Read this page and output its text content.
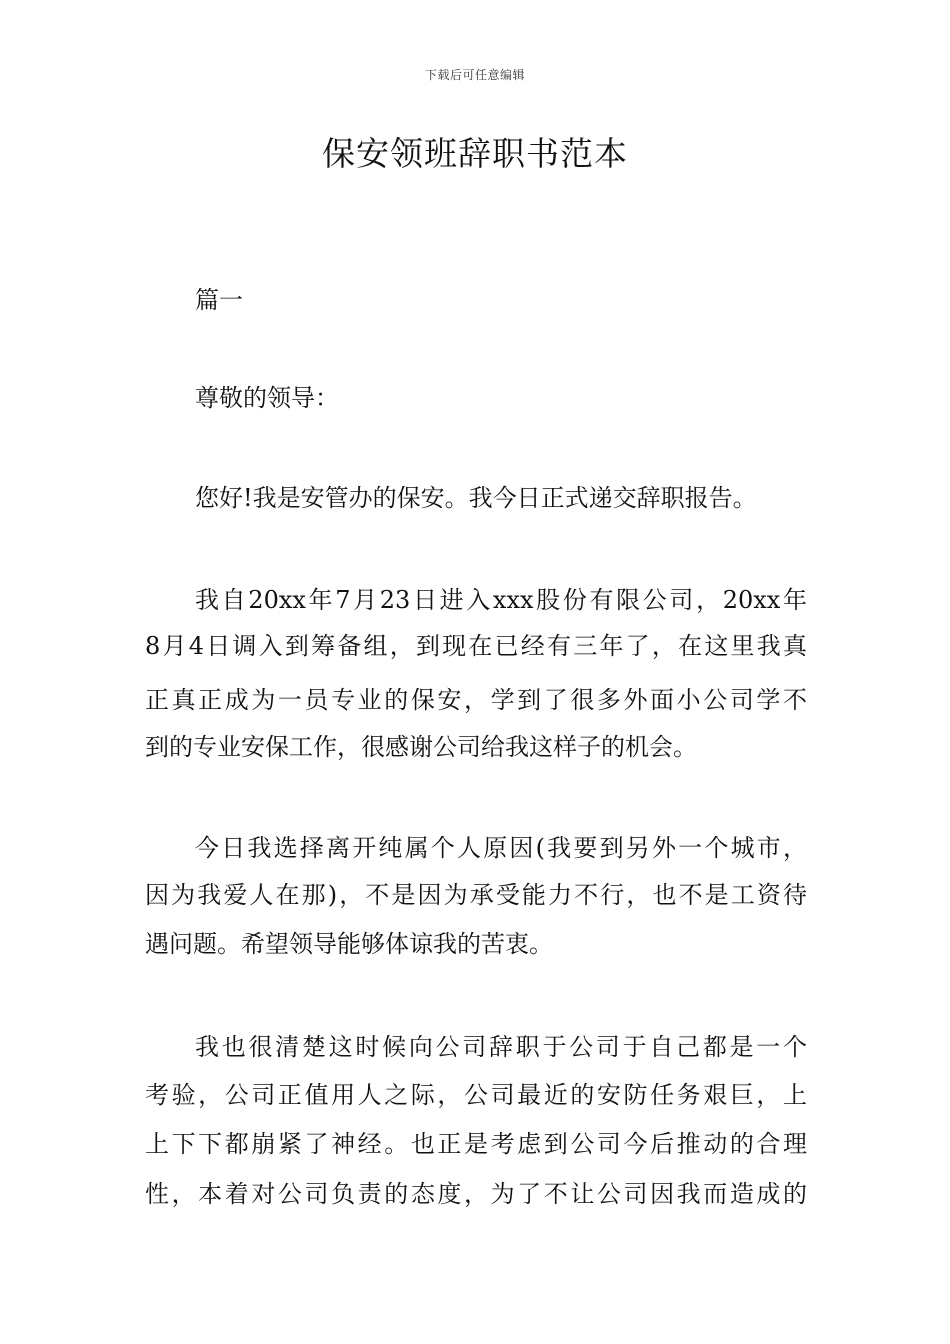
下载后可任意编辑
保安领班辞职书范本
篇一
尊敬的领导：
您好!我是安管办的保安。我今日正式递交辞职报告。
我自20xx年7月23日进入xxx股份有限公司，20xx年
8月4日调入到筹备组，到现在已经有三年了，在这里我真
正真正成为一员专业的保安，学到了很多外面小公司学不
到的专业安保工作，很感谢公司给我这样子的机会。
今日我选择离开纯属个人原因(我要到另外一个城市，
因为我爱人在那)，不是因为承受能力不行，也不是工资待
遇问题。希望领导能够体谅我的苦衷。
我也很清楚这时候向公司辞职于公司于自己都是一个
考验，公司正值用人之际，公司最近的安防任务艰巨，上
上下下都崩紧了神经。也正是考虑到公司今后推动的合理
性，本着对公司负责的态度，为了不让公司因我而造成的
